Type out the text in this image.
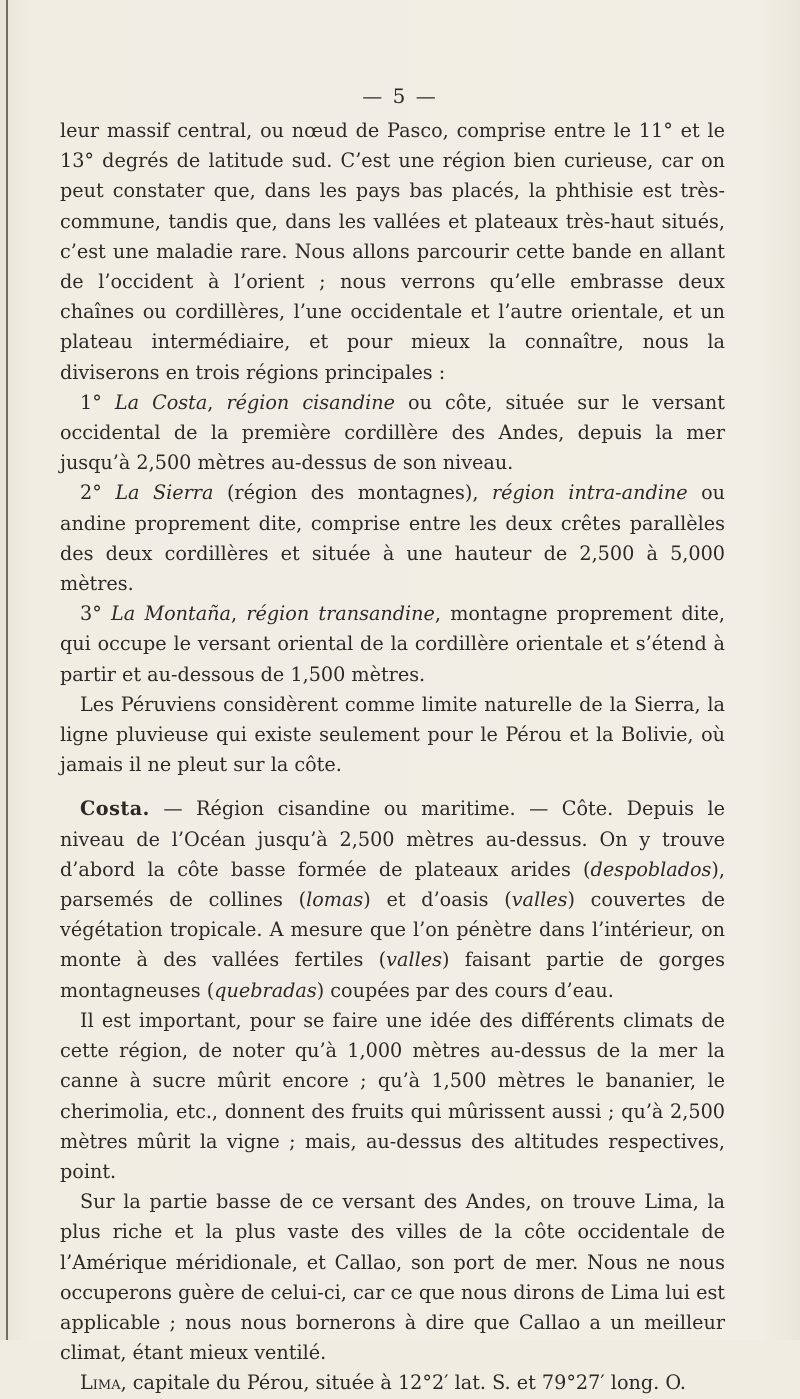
— 5 —

leur massif central, ou nœud de Pasco, comprise entre le 11° et le 13° degrés de latitude sud. C’est une région bien curieuse, car on peut constater que, dans les pays bas placés, la phthisie est très-commune, tandis que, dans les vallées et plateaux très-haut situés, c’est une maladie rare. Nous allons parcourir cette bande en allant de l’occident à l’orient ; nous verrons qu’elle embrasse deux chaînes ou cordillères, l’une occidentale et l’autre orientale, et un plateau intermédiaire, et pour mieux la connaître, nous la diviserons en trois régions principales :

1° La Costa, région cisandine ou côte, située sur le versant occidental de la première cordillère des Andes, depuis la mer jusqu’à 2,500 mètres au-dessus de son niveau.

2° La Sierra (région des montagnes), région intra-andine ou andine proprement dite, comprise entre les deux crêtes parallèles des deux cordillères et située à une hauteur de 2,500 à 5,000 mètres.

3° La Montaña, région transandine, montagne proprement dite, qui occupe le versant oriental de la cordillère orientale et s’étend à partir et au-dessous de 1,500 mètres.

Les Péruviens considèrent comme limite naturelle de la Sierra, la ligne pluvieuse qui existe seulement pour le Pérou et la Bolivie, où jamais il ne pleut sur la côte.

Costa. — Région cisandine ou maritime. — Côte. Depuis le niveau de l’Océan jusqu’à 2,500 mètres au-dessus. On y trouve d’abord la côte basse formée de plateaux arides (despoblados), parsemés de collines (lomas) et d’oasis (valles) couvertes de végétation tropicale. A mesure que l’on pénètre dans l’intérieur, on monte à des vallées fertiles (valles) faisant partie de gorges montagneuses (quebradas) coupées par des cours d’eau.

Il est important, pour se faire une idée des différents climats de cette région, de noter qu’à 1,000 mètres au-dessus de la mer la canne à sucre mûrit encore ; qu’à 1,500 mètres le bananier, le cherimolia, etc., donnent des fruits qui mûrissent aussi ; qu’à 2,500 mètres mûrit la vigne ; mais, au-dessus des altitudes respectives, point.

Sur la partie basse de ce versant des Andes, on trouve Lima, la plus riche et la plus vaste des villes de la côte occidentale de l’Amérique méridionale, et Callao, son port de mer. Nous ne nous occuperons guère de celui-ci, car ce que nous dirons de Lima lui est applicable ; nous nous bornerons à dire que Callao a un meilleur climat, étant mieux ventilé.

Lima, capitale du Pérou, située à 12°2′ lat. S. et 79°27′ long. O.
